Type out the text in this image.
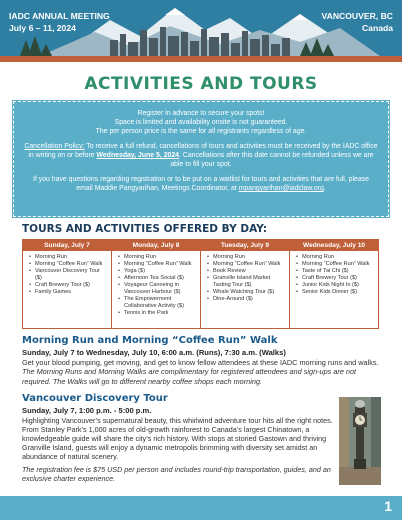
IADC ANNUAL MEETING
July 6 – 11, 2024
VANCOUVER, BC
Canada
ACTIVITIES AND TOURS

Register in advance to secure your spots!
Space is limited and availability onsite is not guaranteed.
The per person price is the same for all registrants regardless of age.

Cancellation Policy: To receive a full refund, cancellations of tours and activities must be received by the IADC office in writing on or before Wednesday, June 5, 2024. Cancellations after this date cannot be refunded unless we are able to fill your spot.

If you have questions regarding registration or to be put on a waitlist for tours and activities that are full, please email Maddie Pangyarihan, Meetings Coordinator, at mpangyarihan@iadclaw.org.

TOURS AND ACTIVITIES OFFERED BY DAY:
Sunday, July 7
• Morning Run
• Morning “Coffee Run” Walk
• Vancouver Discovery Tour ($)
• Craft Brewery Tour ($)
• Family Games
Monday, July 8
• Morning Run
• Morning “Coffee Run” Walk
• Yoga ($)
• Afternoon Tea Social ($)
• Voyageur Canoeing in Vancouver Harbour ($)
• The Empowerment Collaborative Activity ($)
• Tennis in the Park
Tuesday, July 9
• Morning Run
• Morning “Coffee Run” Walk
• Book Review
• Granville Island Market Tasting Tour ($)
• Whale Watching Tour ($)
• Dine-Around ($)
Wednesday, July 10
• Morning Run
• Morning “Coffee Run” Walk
• Taste of Tai Chi ($)
• Craft Brewery Tour ($)
• Junior Kids Night In ($)
• Senior Kids Dinner ($)
Morning Run and Morning “Coffee Run” Walk
Sunday, July 7 to Wednesday, July 10, 6:00 a.m. (Runs), 7:30 a.m. (Walks)

Get your blood pumping, get moving, and get to know fellow attendees at these IADC morning runs and walks. The Morning Runs and Morning Walks are complimentary for registered attendees and sign-ups are not required. The Walks will go to different nearby coffee shops each morning.

Vancouver Discovery Tour
Sunday, July 7, 1:00 p.m. - 5:00 p.m.

Highlighting Vancouver’s supernatural beauty, this whirlwind adventure tour hits all the right notes. From Stanley Park’s 1,000 acres of old-growth rainforest to Canada’s largest Chinatown, a knowledgeable guide will share the city’s rich history. With stops at storied Gastown and thriving Granville Island, guests will enjoy a dynamic metropolis brimming with diversity set amidst an abundance of natural scenery.

The registration fee is $75 USD per person and includes round-trip transportation, guides, and an exclusive charter experience.

1
